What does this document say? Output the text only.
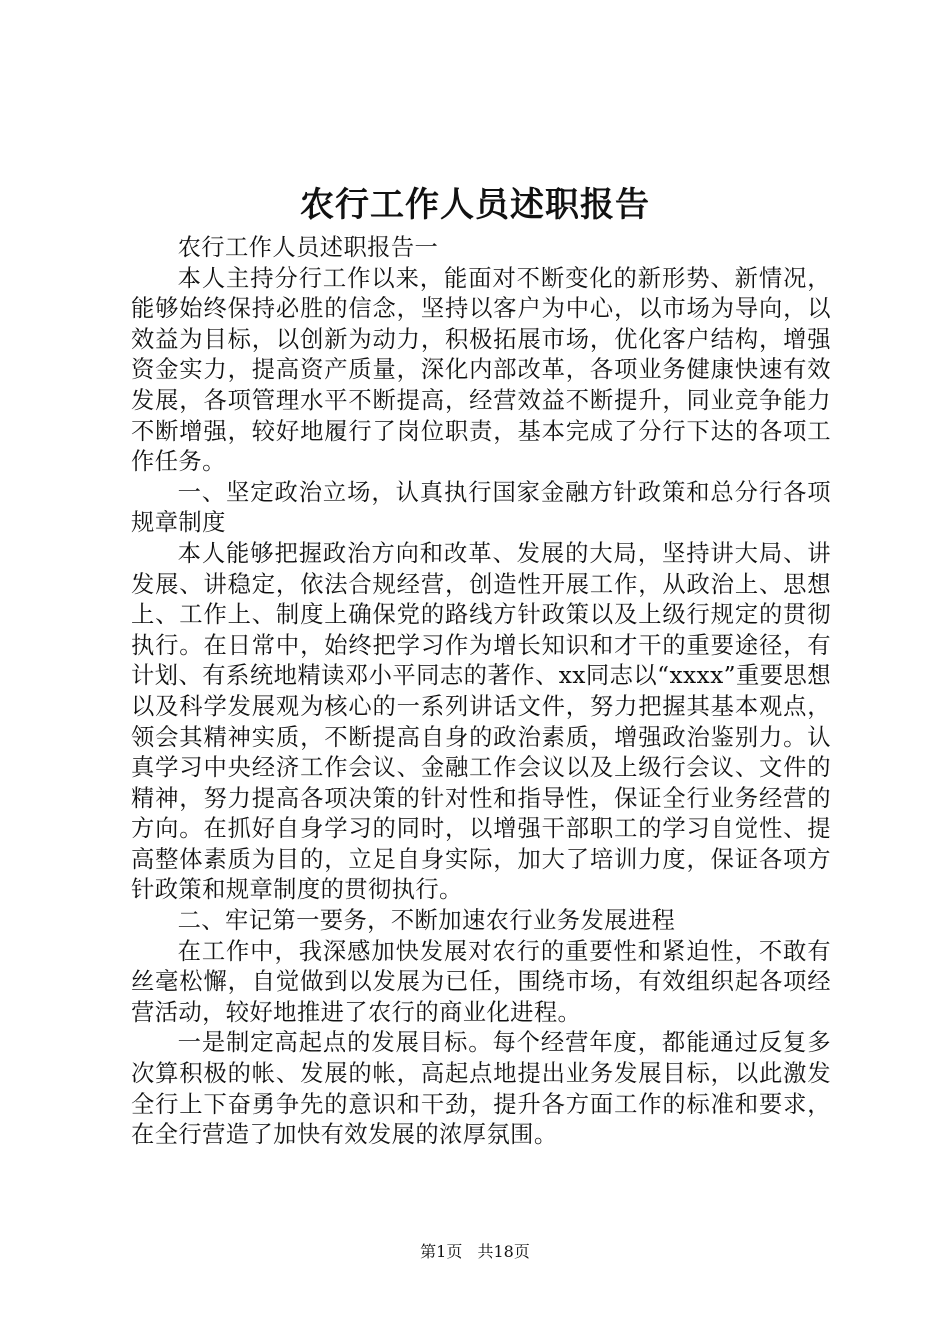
农行工作人员述职报告

农行工作人员述职报告一

本人主持分行工作以来，能面对不断变化的新形势、新情况，能够始终保持必胜的信念，坚持以客户为中心，以市场为导向，以效益为目标，以创新为动力，积极拓展市场，优化客户结构，增强资金实力，提高资产质量，深化内部改革，各项业务健康快速有效发展，各项管理水平不断提高，经营效益不断提升，同业竞争能力不断增强，较好地履行了岗位职责，基本完成了分行下达的各项工作任务。

一、坚定政治立场，认真执行国家金融方针政策和总分行各项规章制度

本人能够把握政治方向和改革、发展的大局，坚持讲大局、讲发展、讲稳定，依法合规经营，创造性开展工作，从政治上、思想上、工作上、制度上确保党的路线方针政策以及上级行规定的贯彻执行。在日常中，始终把学习作为增长知识和才干的重要途径，有计划、有系统地精读邓小平同志的著作、xx同志以“xxxx”重要思想以及科学发展观为核心的一系列讲话文件，努力把握其基本观点，领会其精神实质，不断提高自身的政治素质，增强政治鉴别力。认真学习中央经济工作会议、金融工作会议以及上级行会议、文件的精神，努力提高各项决策的针对性和指导性，保证全行业务经营的方向。在抓好自身学习的同时，以增强干部职工的学习自觉性、提高整体素质为目的，立足自身实际，加大了培训力度，保证各项方针政策和规章制度的贯彻执行。

二、牢记第一要务，不断加速农行业务发展进程

在工作中，我深感加快发展对农行的重要性和紧迫性，不敢有丝毫松懈，自觉做到以发展为已任，围绕市场，有效组织起各项经营活动，较好地推进了农行的商业化进程。

一是制定高起点的发展目标。每个经营年度，都能通过反复多次算积极的帐、发展的帐，高起点地提出业务发展目标，以此激发全行上下奋勇争先的意识和干劲，提升各方面工作的标准和要求，在全行营造了加快有效发展的浓厚氛围。

第1页 共18页
